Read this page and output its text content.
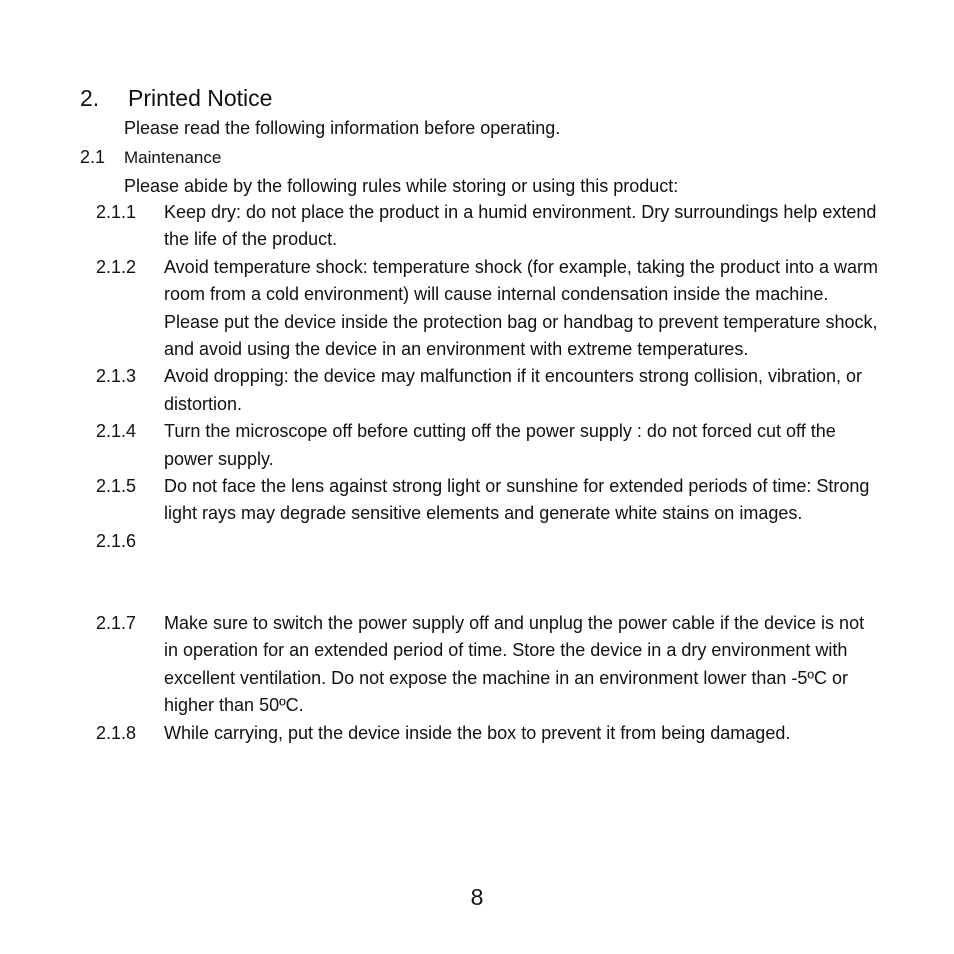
2. Printed Notice
Please read the following information before operating.
2.1 Maintenance
Please abide by the following rules while storing or using this product:
2.1.1 Keep dry: do not place the product in a humid environment. Dry surroundings help extend the life of the product.
2.1.2 Avoid temperature shock: temperature shock (for example, taking the product into a warm room from a cold environment) will cause internal condensation inside the machine. Please put the device inside the protection bag or handbag to prevent temperature shock, and avoid using the device in an environment with extreme temperatures.
2.1.3 Avoid dropping: the device may malfunction if it encounters strong collision, vibration, or distortion.
2.1.4 Turn the microscope off before cutting off the power supply : do not forced cut off the power supply.
2.1.5 Do not face the lens against strong light or sunshine for extended periods of time: Strong light rays may degrade sensitive elements and generate white stains on images.
2.1.6
2.1.7 Make sure to switch the power supply off and unplug the power cable if the device is not in operation for an extended period of time. Store the device in a dry environment with excellent ventilation. Do not expose the machine in an environment lower than -5ºC or higher than 50ºC.
2.1.8 While carrying, put the device inside the box to prevent it from being damaged.
8
